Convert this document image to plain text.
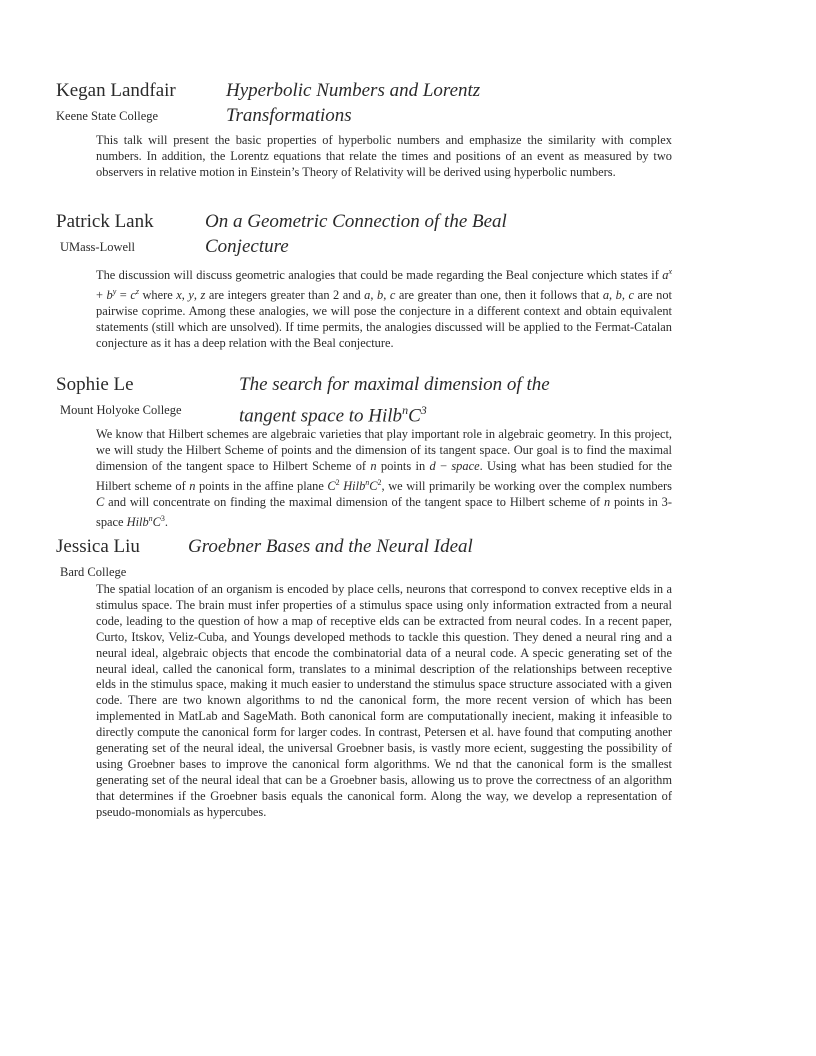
Kegan Landfair
Keene State College
Hyperbolic Numbers and Lorentz
Transformations
This talk will present the basic properties of hyperbolic numbers and emphasize the similarity with complex numbers. In addition, the Lorentz equations that relate the times and positions of an event as measured by two observers in relative motion in Einstein’s Theory of Relativity will be derived using hyperbolic numbers.
Patrick Lank
UMass-Lowell
On a Geometric Connection of the Beal
Conjecture
The discussion will discuss geometric analogies that could be made regarding the Beal conjecture which states if $a^x + b^y = c^z$ where x, y, z are integers greater than 2 and a, b, c are greater than one, then it follows that a, b, c are not pairwise coprime. Among these analogies, we will pose the conjecture in a different context and obtain equivalent statements (still which are unsolved). If time permits, the analogies discussed will be applied to the Fermat-Catalan conjecture as it has a deep relation with the Beal conjecture.
Sophie Le
Mount Holyoke College
The search for maximal dimension of the
tangent space to $Hilb^nC^3$
We know that Hilbert schemes are algebraic varieties that play important role in algebraic geometry. In this project, we will study the Hilbert Scheme of points and the dimension of its tangent space. Our goal is to find the maximal dimension of the tangent space to Hilbert Scheme of n points in d − space. Using what has been studied for the Hilbert scheme of n points in the affine plane $C^2$ $Hilb^nC^2$, we will primarily be working over the complex numbers C and will concentrate on finding the maximal dimension of the tangent space to Hilbert scheme of n points in 3-space $Hilb^nC^3$.
Jessica Liu
Bard College
Groebner Bases and the Neural Ideal
The spatial location of an organism is encoded by place cells, neurons that correspond to convex receptive elds in a stimulus space. The brain must infer properties of a stimulus space using only information extracted from a neural code, leading to the question of how a map of receptive elds can be extracted from neural codes. In a recent paper, Curto, Itskov, Veliz-Cuba, and Youngs developed methods to tackle this question. They dened a neural ring and a neural ideal, algebraic objects that encode the combinatorial data of a neural code. A specic generating set of the neural ideal, called the canonical form, translates to a minimal description of the relationships between receptive elds in the stimulus space, making it much easier to understand the stimulus space structure associated with a given code. There are two known algorithms to nd the canonical form, the more recent version of which has been implemented in MatLab and SageMath. Both canonical form are computationally inecient, making it infeasible to directly compute the canonical form for larger codes. In contrast, Petersen et al. have found that computing another generating set of the neural ideal, the universal Groebner basis, is vastly more ecient, suggesting the possibility of using Groebner bases to improve the canonical form algorithms. We nd that the canonical form is the smallest generating set of the neural ideal that can be a Groebner basis, allowing us to prove the correctness of an algorithm that determines if the Groebner basis equals the canonical form. Along the way, we develop a representation of pseudo-monomials as hypercubes.
